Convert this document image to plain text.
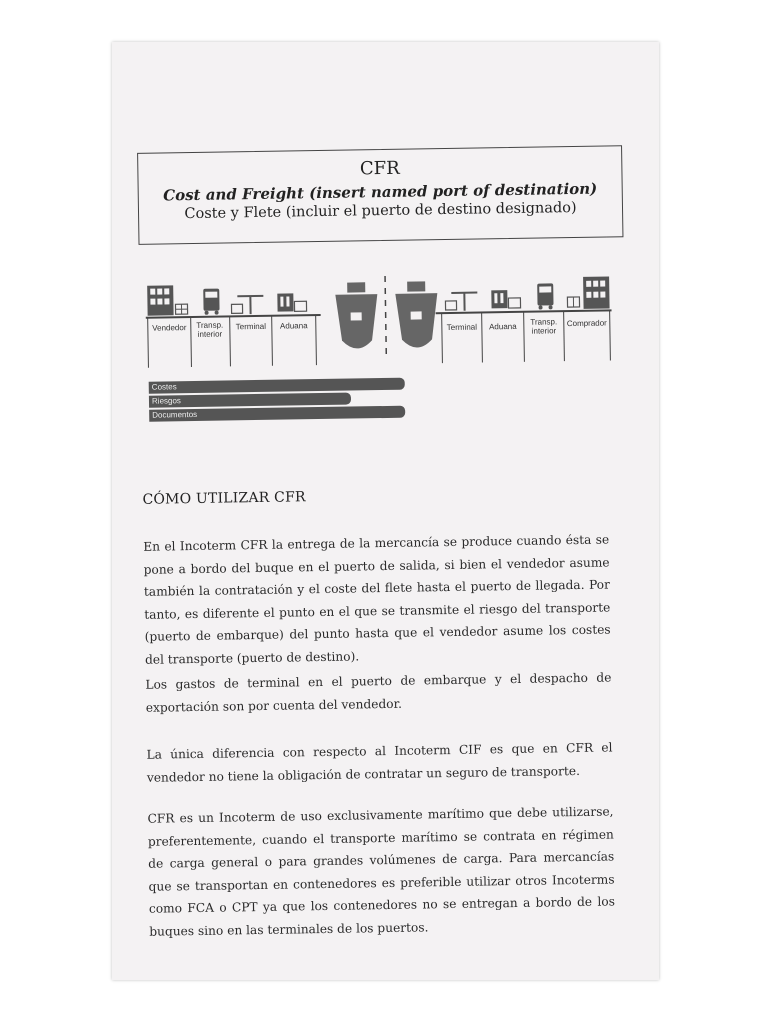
CFR
Cost and Freight (insert named port of destination)
Coste y Flete (incluir el puerto de destino designado)
Vendedor	Transp. interior
Terminal	Aduana	Terminal	Aduana	Transp. interior
Comprador
Costes
Riesgos
Documentos
CÓMO UTILIZAR CFR
En el Incoterm CFR la entrega de la mercancía se produce cuando ésta se pone a bordo del buque en el puerto de salida, si bien el vendedor asume también la contratación y el coste del flete hasta el puerto de llegada. Por tanto, es diferente el punto en el que se transmite el riesgo del transporte (puerto de embarque) del punto hasta que el vendedor asume los costes del transporte (puerto de destino).
Los gastos de terminal en el puerto de embarque y el despacho de exportación son por cuenta del vendedor.
La única diferencia con respecto al Incoterm CIF es que en CFR el vendedor no tiene la obligación de contratar un seguro de transporte.
CFR es un Incoterm de uso exclusivamente marítimo que debe utilizarse, preferentemente, cuando el transporte marítimo se contrata en régimen de carga general o para grandes volúmenes de carga. Para mercancías que se transportan en contenedores es preferible utilizar otros Incoterms como FCA o CPT ya que los contenedores no se entregan a bordo de los buques sino en las terminales de los puertos.
